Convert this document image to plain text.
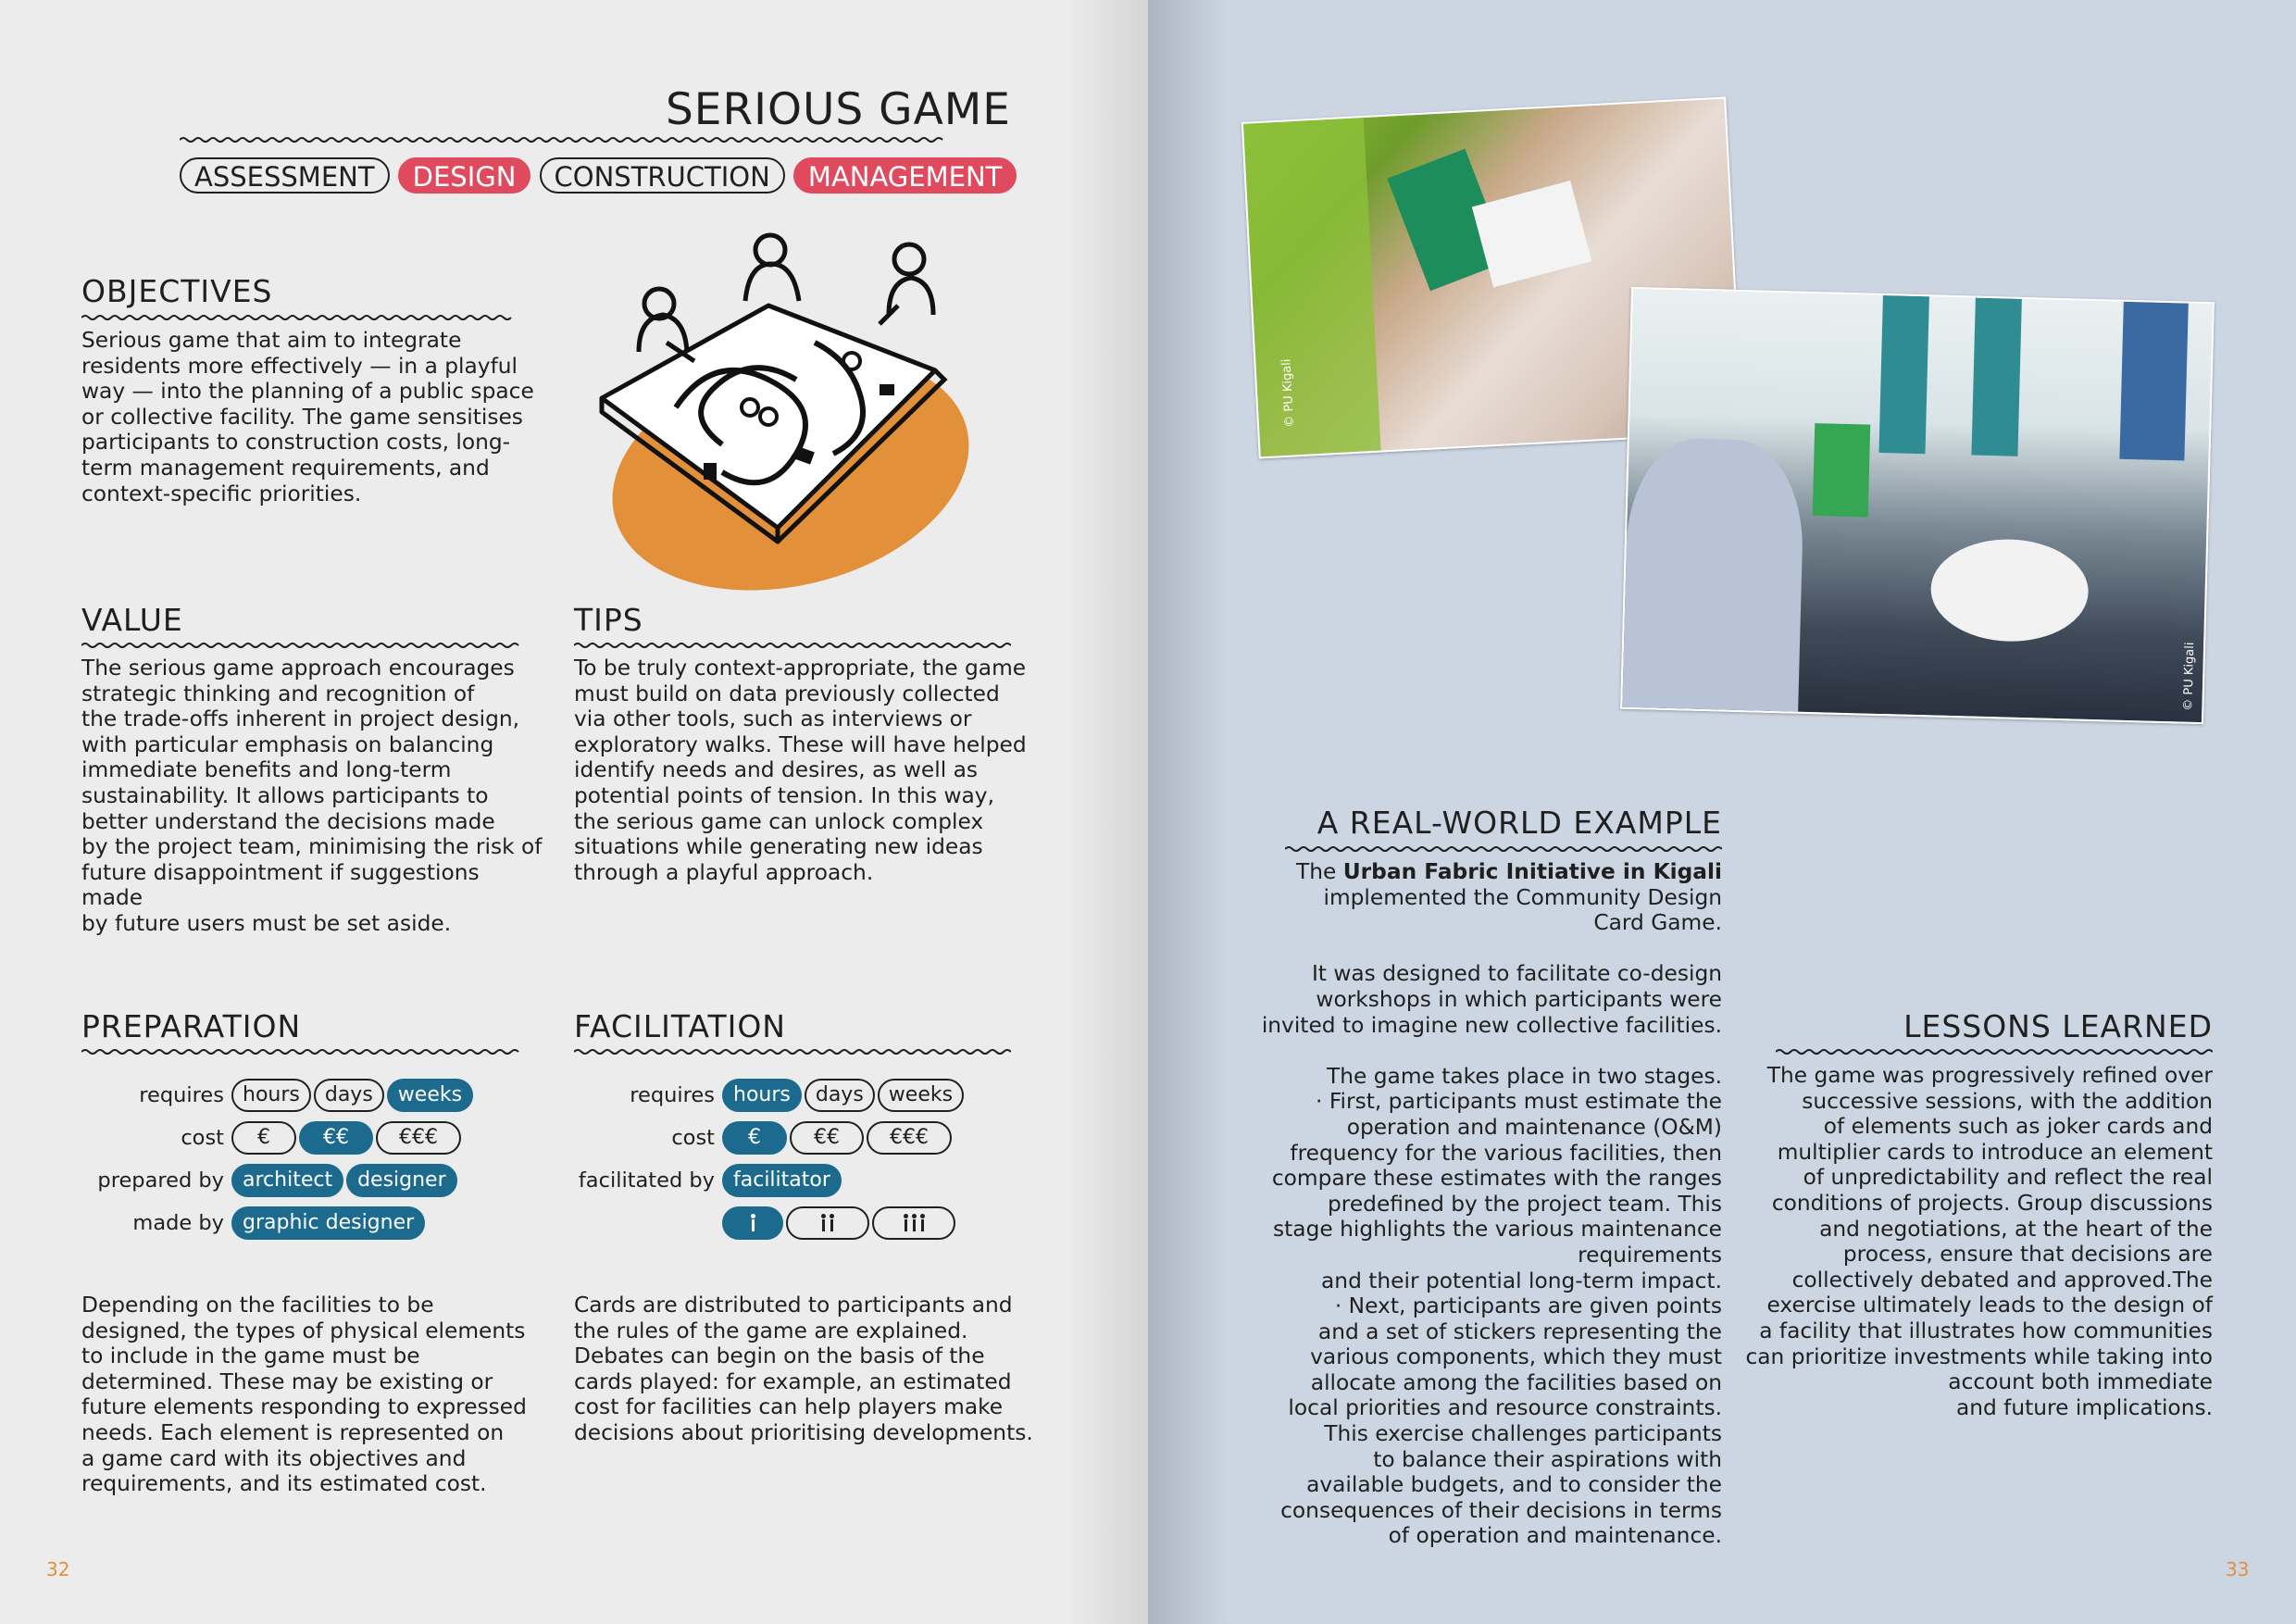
SERIOUS GAME
ASSESSMENT DESIGN CONSTRUCTION MANAGEMENT
OBJECTIVES
Serious game that aim to integrate
residents more effectively — in a playful
way — into the planning of a public space
or collective facility. The game sensitises
participants to construction costs, long-
term management requirements, and
context-specific priorities.
VALUE
The serious game approach encourages
strategic thinking and recognition of
the trade-offs inherent in project design,
with particular emphasis on balancing
immediate benefits and long-term
sustainability. It allows participants to
better understand the decisions made
by the project team, minimising the risk of
future disappointment if suggestions made
by future users must be set aside.
TIPS
To be truly context-appropriate, the game
must build on data previously collected
via other tools, such as interviews or
exploratory walks. These will have helped
identify needs and desires, as well as
potential points of tension. In this way,
the serious game can unlock complex
situations while generating new ideas
through a playful approach.
PREPARATION
requires hours	days	weeks
cost	€	€€	€€€
prepared by architect	designer
made by graphic designer
Depending on the facilities to be
designed, the types of physical elements
to include in the game must be
determined. These may be existing or
future elements responding to expressed
needs. Each element is represented on
a game card with its objectives and
requirements, and its estimated cost.
FACILITATION
requires hours	days	weeks
cost	€	€€	€€€
facilitated by facilitator
Cards are distributed to participants and
the rules of the game are explained.
Debates can begin on the basis of the
cards played: for example, an estimated
cost for facilities can help players make
decisions about prioritising developments.
32
© PU Kigali
© PU Kigali
A REAL-WORLD EXAMPLE
The Urban Fabric Initiative in Kigali
implemented the Community Design
Card Game.
It was designed to facilitate co-design
workshops in which participants were
invited to imagine new collective facilities.
The game takes place in two stages.
· First, participants must estimate the
operation and maintenance (O&M)
frequency for the various facilities, then
compare these estimates with the ranges
predefined by the project team. This
stage highlights the various maintenance
requirements
and their potential long-term impact.
· Next, participants are given points
and a set of stickers representing the
various components, which they must
allocate among the facilities based on
local priorities and resource constraints.
This exercise challenges participants
to balance their aspirations with
available budgets, and to consider the
consequences of their decisions in terms
of operation and maintenance.
LESSONS LEARNED
The game was progressively refined over
successive sessions, with the addition
of elements such as joker cards and
multiplier cards to introduce an element
of unpredictability and reflect the real
conditions of projects. Group discussions
and negotiations, at the heart of the
process, ensure that decisions are
collectively debated and approved.The
exercise ultimately leads to the design of
a facility that illustrates how communities
can prioritize investments while taking into
account both immediate
and future implications.
33
